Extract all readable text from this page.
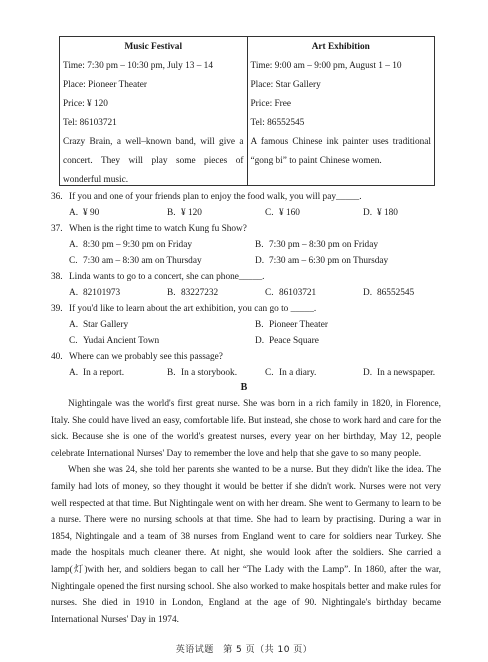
Music Festival

Time: 7:30 pm – 10:30 pm, July 13 – 14

Place: Pioneer Theater

Price: ¥ 120

Tel: 86103721

Crazy Brain, a well–known band, will give a concert. They will play some pieces of wonderful music.

Art Exhibition

Time: 9:00 am – 9:00 pm, August 1 – 10

Place: Star Gallery

Price: Free

Tel: 86552545

A famous Chinese ink painter uses traditional “gong bi” to paint Chinese women.

36. If you and one of your friends plan to enjoy the food walk, you will pay_____.

A. ¥ 90	B. ¥ 120	C. ¥ 160	D. ¥ 180

37. When is the right time to watch Kung fu Show?

A. 8:30 pm – 9:30 pm on Friday	B. 7:30 pm – 8:30 pm on Friday
C. 7:30 am – 8:30 am on Thursday	D. 7:30 am – 6:30 pm on Thursday

38. Linda wants to go to a concert, she can phone_____.

A. 82101973	B. 83227232	C. 86103721	D. 86552545

39. If you'd like to learn about the art exhibition, you can go to _____.

A. Star Gallery	B. Pioneer Theater
C. Yudai Ancient Town	D. Peace Square

40. Where can we probably see this passage?

A. In a report.	B. In a storybook.	C. In a diary.	D. In a newspaper.
B

Nightingale was the world's first great nurse. She was born in a rich family in 1820, in Florence, Italy. She could have lived an easy, comfortable life. But instead, she chose to work hard and care for the sick. Because she is one of the world's greatest nurses, every year on her birthday, May 12, people celebrate International Nurses' Day to remember the love and help that she gave to so many people.

When she was 24, she told her parents she wanted to be a nurse. But they didn't like the idea. The family had lots of money, so they thought it would be better if she didn't work. Nurses were not very well respected at that time. But Nightingale went on with her dream. She went to Germany to learn to be a nurse. There were no nursing schools at that time. She had to learn by practising. During a war in 1854, Nightingale and a team of 38 nurses from England went to care for soldiers near Turkey. She made the hospitals much cleaner there. At night, she would look after the soldiers. She carried a lamp(灯)with her, and soldiers began to call her “The Lady with the Lamp”. In 1860, after the war, Nightingale opened the first nursing school. She also worked to make hospitals better and make rules for nurses. She died in 1910 in London, England at the age of 90. Nightingale's birthday became International Nurses' Day in 1974.

英语试题　第 5 页（共 10 页）
